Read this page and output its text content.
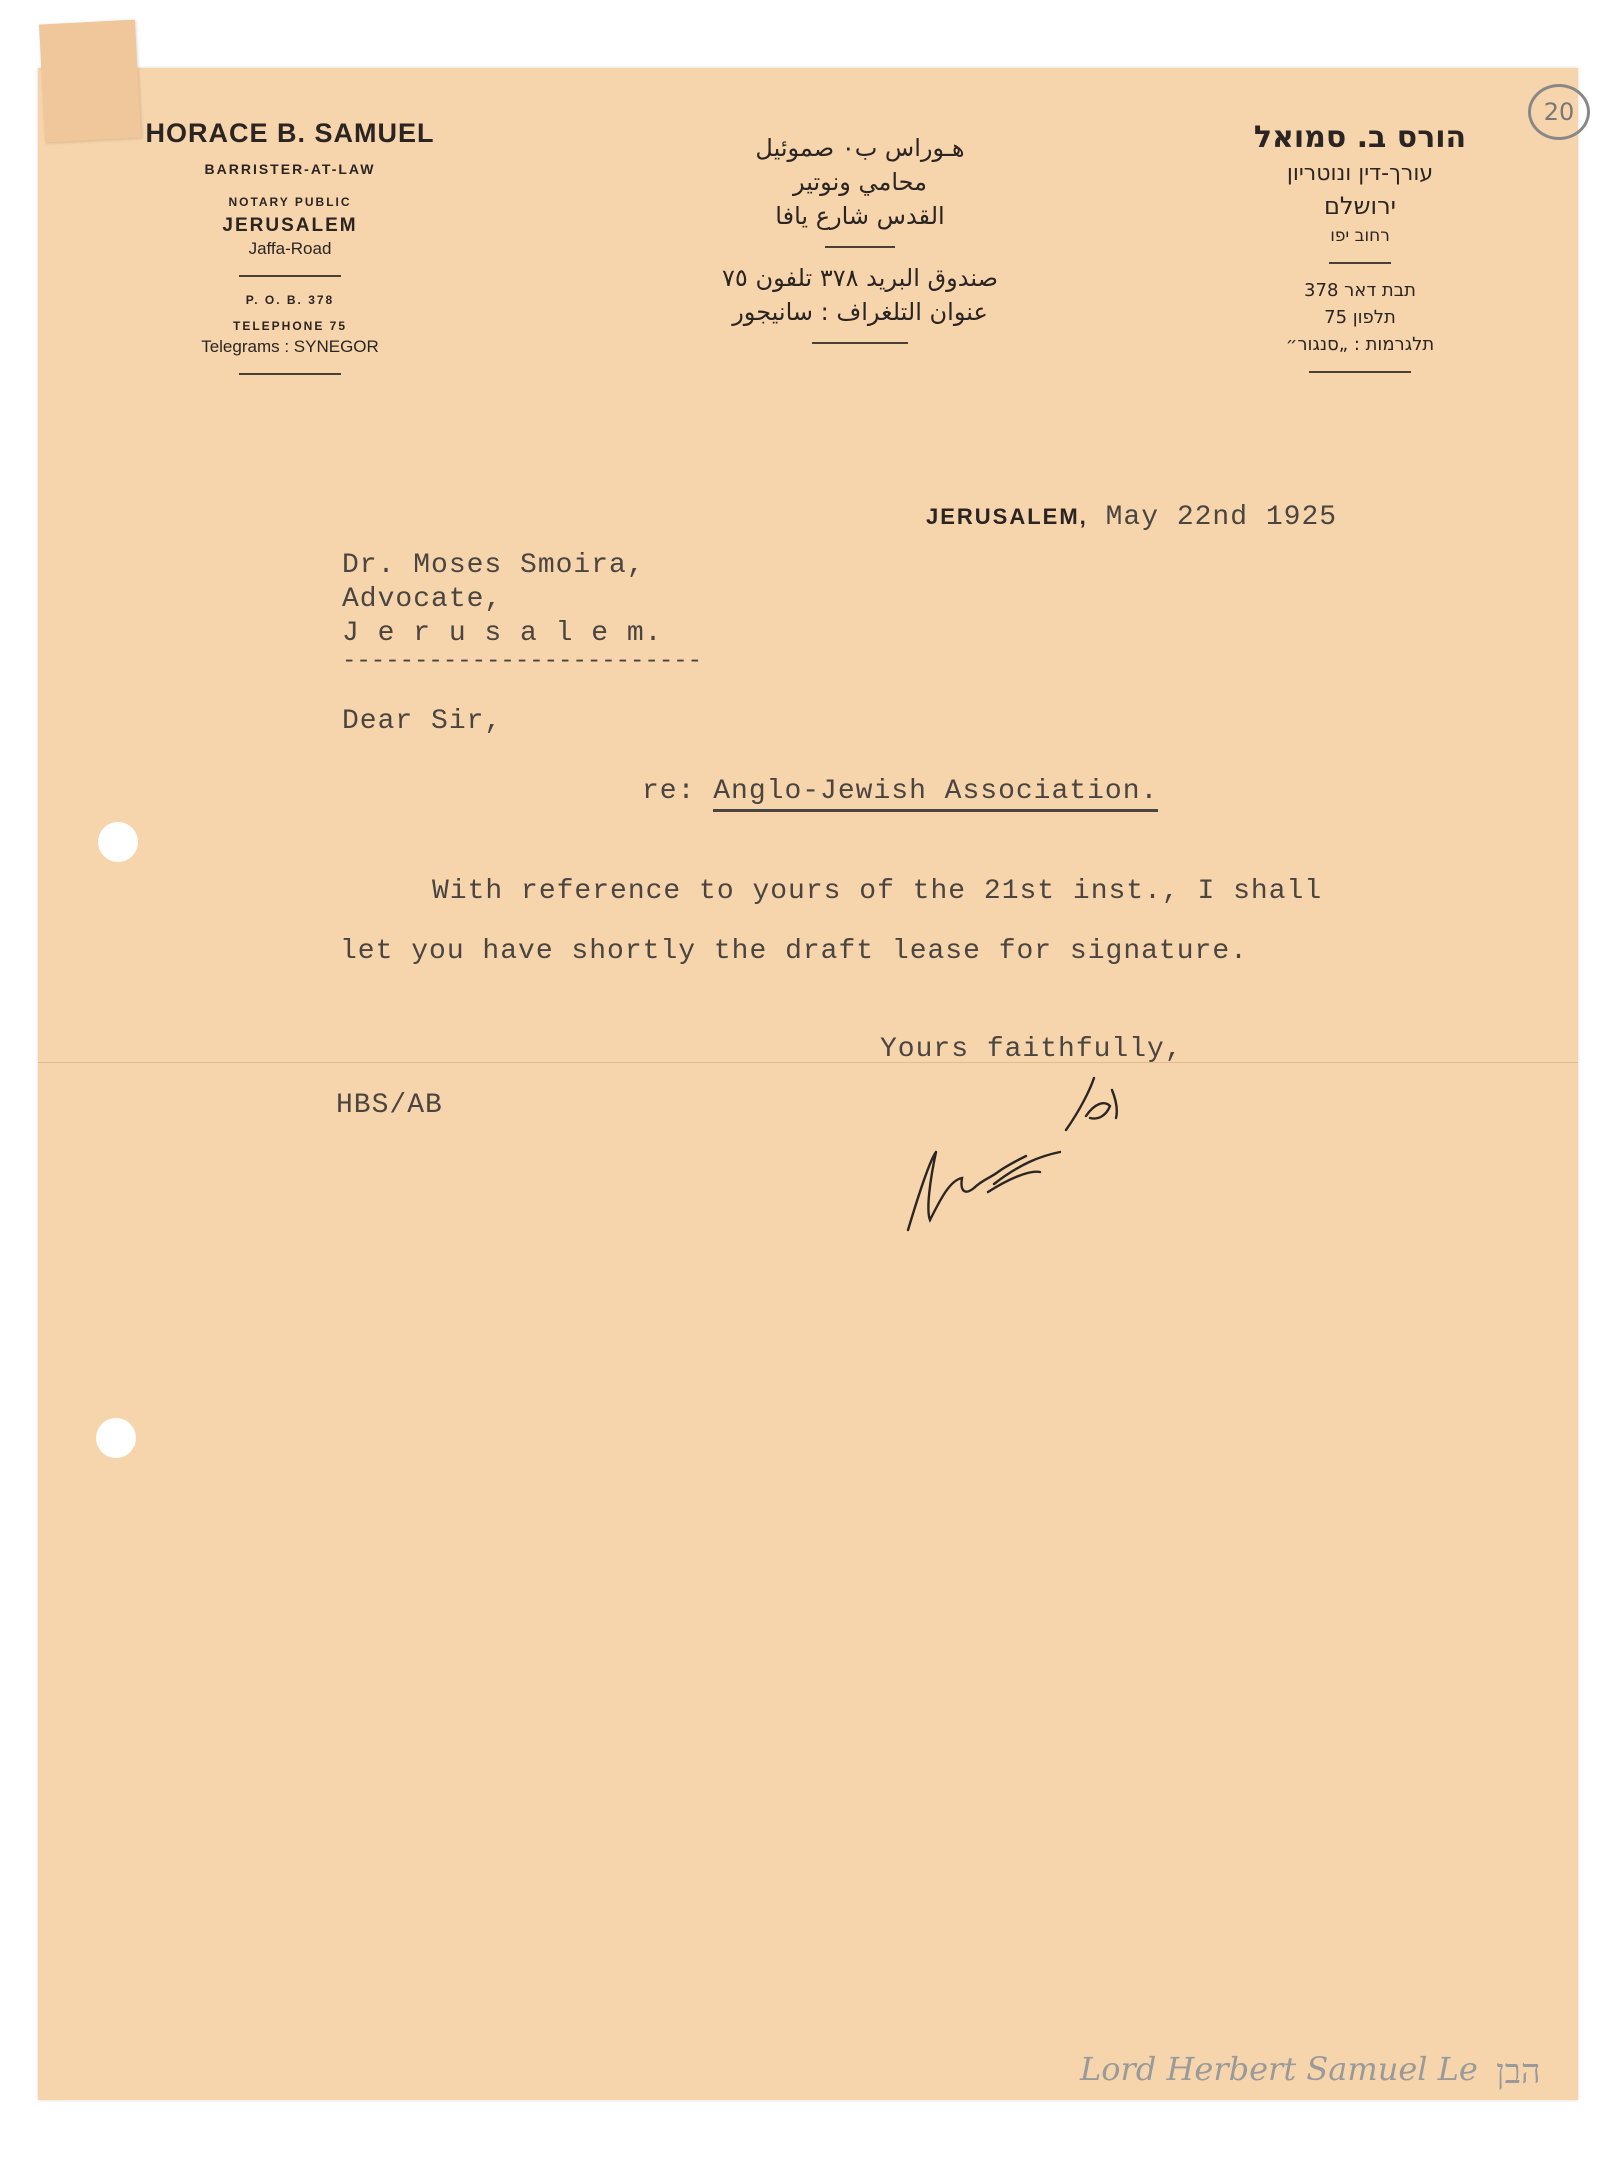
20
HORACE B. SAMUEL
BARRISTER-AT-LAW
NOTARY PUBLIC
JERUSALEM
Jaffa-Road
P. O. B. 378
TELEPHONE 75
Telegrams : SYNEGOR
هـوراس ب٠ صموئيل
محامي ونوتير
القدس شارع يافا
صندوق البريد ٣٧٨ تلفون ٧٥
عنوان التلغراف : سانيجور
הורס ב. סמואל
עורך-דין ונוטריון
ירושלם
רחוב יפו
תבת דאר 378
תלפון 75
תלגרמות : „סנגור״
JERUSALEM, May 22nd 1925
Dr. Moses Smoira,
Advocate,
J e r u s a l e m.
-------------------------
Dear Sir,
re: Anglo-Jewish Association.
With reference to yours of the 21st inst., I shall
let you have shortly the draft lease for signature.
Yours faithfully,
HBS/AB
Lord Herbert Samuel Le הבן
